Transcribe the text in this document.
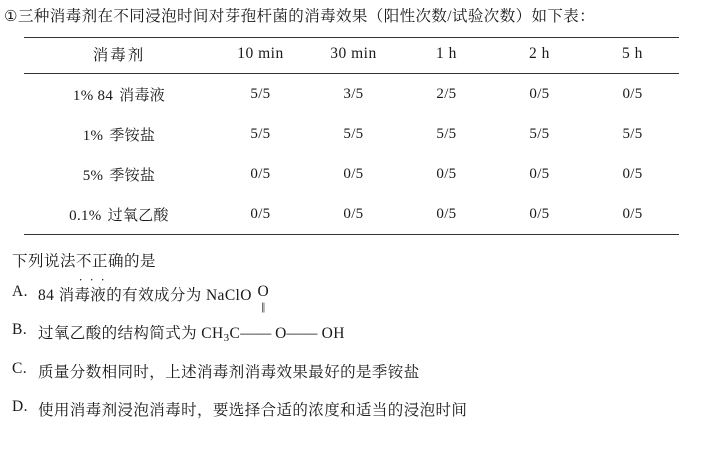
① 三种消毒剂在不同浸泡时间对芽孢杆菌的消毒效果（阳性次数/试验次数）如下表：
消毒剂	10 min	30 min	1 h	2 h	5 h
1% 84 消毒液	5/5	3/5	2/5	0/5	0/5
1% 季铵盐	5/5	5/5	5/5	5/5	5/5
5% 季铵盐	0/5	0/5	0/5	0/5	0/5
0.1% 过氧乙酸	0/5	0/5	0/5	0/5	0/5
下列说法不正确的是
．．．
A. 84 消毒液的有效成分为 NaClO
B. 过氧乙酸的结构简式为 $CH_3C——$ O—— OH
O
‖
C. 质量分数相同时，上述消毒剂消毒效果最好的是季铵盐
D. 使用消毒剂浸泡消毒时，要选择合适的浓度和适当的浸泡时间
